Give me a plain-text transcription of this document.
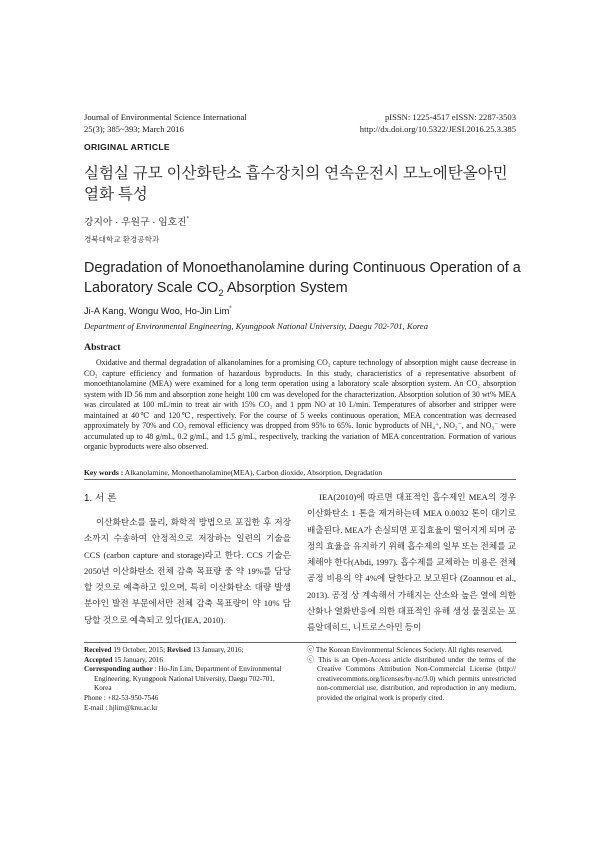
Journal of Environmental Science International
25(3); 385~393; March 2016
pISSN: 1225-4517 eISSN: 2287-3503
http://dx.doi.org/10.5322/JESI.2016.25.3.385
ORIGINAL ARTICLE
실험실 규모 이산화탄소 흡수장치의 연속운전시 모노에탄올아민 열화 특성
강지아 · 우원구 · 임호진*
경북대학교 환경공학과
Degradation of Monoethanolamine during Continuous Operation of a Laboratory Scale $CO_2$ Absorption System
Ji-A Kang, Wongu Woo, Ho-Jin Lim*
Department of Environmental Engineering, Kyungpook National University, Daegu 702-701, Korea
Abstract

Oxidative and thermal degradation of alkanolamines for a promising CO₂ capture technology of absorption might cause decrease in CO₂ capture efficiency and formation of hazardous byproducts. In this study, characteristics of a representative absorbent of monoethtanolamine (MEA) were examined for a long term operation using a laboratory scale absorption system. An CO₂ absorption system with ID 56 mm and absorption zone height 100 cm was developed for the characterization. Absorption solution of 30 wt% MEA was circulated at 100 mL/min to treat air with 15% CO₂ and 1 ppm NO at 10 L/min. Temperatures of absorber and stripper were maintained at 40℃ and 120℃, respectively. For the course of 5 weeks continuous operation, MEA concentration was decreased approximately by 70% and CO₂ removal efficiency was dropped from 95% to 65%. Ionic byproducts of NH₄⁺, NO₂⁻, and NO₃⁻ were accumulated up to 48 g/mL, 0.2 g/mL, and 1.5 g/mL, respectively, tracking the variation of MEA concentration. Formation of various organic byproducts were also observed.

Key words : Alkanolamine, Monoethanolamine(MEA), Carbon dioxide, Absorption, Degradation
1. 서 론

이산화탄소를 물리, 화학적 방법으로 포집한 후 저장소까지 수송하여 안정적으로 저장하는 일련의 기술을 CCS (carbon capture and storage)라고 한다. CCS 기술은 2050년 이산화탄소 전체 감축 목표량 중 약 19%를 담당할 것으로 예측하고 있으며, 특히 이산화탄소 대량 발생 분야인 발전 부문에서만 전체 감축 목표량이 약 10% 담당할 것으로 예측되고 있다(IEA, 2010).

IEA(2010)에 따르면 대표적인 흡수제인 MEA의 경우 이산화탄소 1 톤을 제거하는데 MEA 0.0032 톤이 대기로 배출된다. MEA가 손실되면 포집효율이 떨어지게 되며 공정의 효율을 유지하기 위해 흡수제의 일부 또는 전체를 교체해야 한다(Abdi, 1997). 흡수제를 교체하는 비용은 전체 공정 비용의 약 4%에 달한다고 보고된다 (Zoannou et al., 2013). 공정 상 계속해서 가해지는 산소와 높은 열에 의한 산화나 열화반응에 의한 대표적인 유해 생성 물질로는 포름알데히드, 니트로스아민 등이

Received 19 October, 2015; Revised 13 January, 2016;
Accepted 15 January, 2016
Corresponding author : Ho-Jin Lim, Department of Environmental Engineering, Kyungpook National University, Daegu 702-701, Korea
Phone : +82-53-950-7546
E-mail : hjlim@knu.ac.kr
ⓒ The Korean Environmental Sciences Society. All rights reserved.
ⓒ This is an Open-Access article distributed under the terms of the Creative Commons Attribution Non-Commercial License (http:// creativecommons.org/licenses/by-nc/3.0) which permits unrestricted non-commercial use, distribution, and reproduction in any medium, provided the original work is properly cited.
